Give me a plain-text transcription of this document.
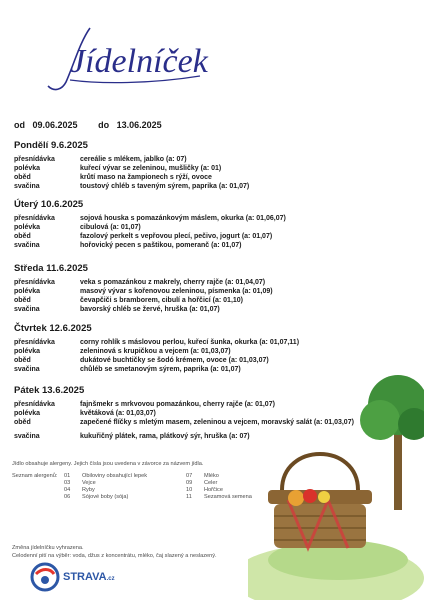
Jídelníček
od 09.06.2025 do 13.06.2025
Pondělí 9.6.2025
přesnídávka	cereálie s mlékem, jablko (a: 07)
polévka	kuřecí vývar se zeleninou, mušličky (a: 01)
oběd	krůtí maso na žampionech s rýží, ovoce
svačina	toustový chléb s taveným sýrem, paprika (a: 01,07)
Úterý 10.6.2025
přesnídávka	sojová houska s pomazánkovým máslem, okurka (a: 01,06,07)
polévka	cibulová (a: 01,07)
oběd	fazolový perkelt s vepřovou plecí, pečivo, jogurt (a: 01,07)
svačina	hořovický pecen s paštikou, pomeranč (a: 01,07)
Středa 11.6.2025
přesnídávka	veka s pomazánkou z makrely, cherry rajče (a: 01,04,07)
polévka	masový vývar s kořenovou zeleninou, písmenka (a: 01,09)
oběd	čevapčiči s bramborem, cibulí a hořčicí (a: 01,10)
svačina	bavorský chléb se žervé, hruška (a: 01,07)
Čtvrtek 12.6.2025
přesnídávka	corny rohlík s máslovou perlou, kuřecí šunka, okurka (a: 01,07,11)
polévka	zeleninová s krupičkou a vejcem (a: 01,03,07)
oběd	dukátové buchtičky se šodó krémem, ovoce (a: 01,03,07)
svačina	chůléb se smetanovým sýrem, paprika (a: 01,07)
Pátek 13.6.2025
přesnídávka	fajnšmekr s mrkvovou pomazánkou, cherry rajče (a: 01,07)
polévka	květáková (a: 01,03,07)
oběd	zapečené flíčky s mletým masem, zeleninou a vejcem, moravský salát (a: 01,03,07)
svačina	kukuřičný plátek, rama, plátkový sýr, hruška (a: 07)
Jídlo obsahuje alergeny. Jejich čísla jsou uvedena v závorce za názvem jídla.
Seznam alergenů: 01	Obiloviny obsahující lepek	07	Mléko
03	Vejce	09	Celer
04	Ryby	10	Hořčice
06	Sójové boby (sója)	11	Sezamová semena
Změna jídelníčku vyhrazena.
Celodenní pití na výběr: voda, džus z koncentrátu, mléko, čaj slazený a neslazený.
STRAVA.cz
